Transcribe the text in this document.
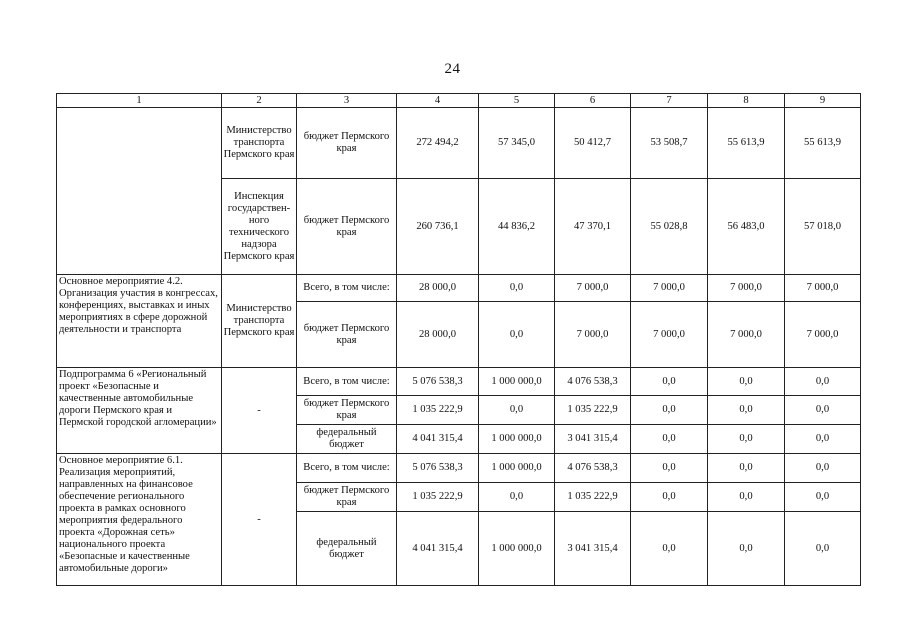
24
1	2	3	4	5	6	7	8	9
	Министерство транспорта Пермского края	бюджет Пермского края	272 494,2	57 345,0	50 412,7	53 508,7	55 613,9	55 613,9
	Инспекция государствен-ного технического надзора Пермского края	бюджет Пермского края	260 736,1	44 836,2	47 370,1	55 028,8	56 483,0	57 018,0
Основное мероприятие 4.2. Организация участия в конгрессах, конференциях, выставках и иных мероприятиях в сфере дорожной деятельности и транспорта	Министерство транспорта Пермского края	Всего, в том числе:	28 000,0	0,0	7 000,0	7 000,0	7 000,0	7 000,0
		бюджет Пермского края	28 000,0	0,0	7 000,0	7 000,0	7 000,0	7 000,0
Подпрограмма 6 «Региональный проект «Безопасные и качественные автомобильные дороги Пермского края и Пермской городской агломерации»	-	Всего, в том числе:	5 076 538,3	1 000 000,0	4 076 538,3	0,0	0,0	0,0
		бюджет Пермского края	1 035 222,9	0,0	1 035 222,9	0,0	0,0	0,0
		федеральный бюджет	4 041 315,4	1 000 000,0	3 041 315,4	0,0	0,0	0,0
Основное мероприятие 6.1. Реализация мероприятий, направленных на финансовое обеспечение регионального проекта в рамках основного мероприятия федерального проекта «Дорожная сеть» национального проекта «Безопасные и качественные автомобильные дороги»	-	Всего, в том числе:	5 076 538,3	1 000 000,0	4 076 538,3	0,0	0,0	0,0
		бюджет Пермского края	1 035 222,9	0,0	1 035 222,9	0,0	0,0	0,0
		федеральный бюджет	4 041 315,4	1 000 000,0	3 041 315,4	0,0	0,0	0,0
